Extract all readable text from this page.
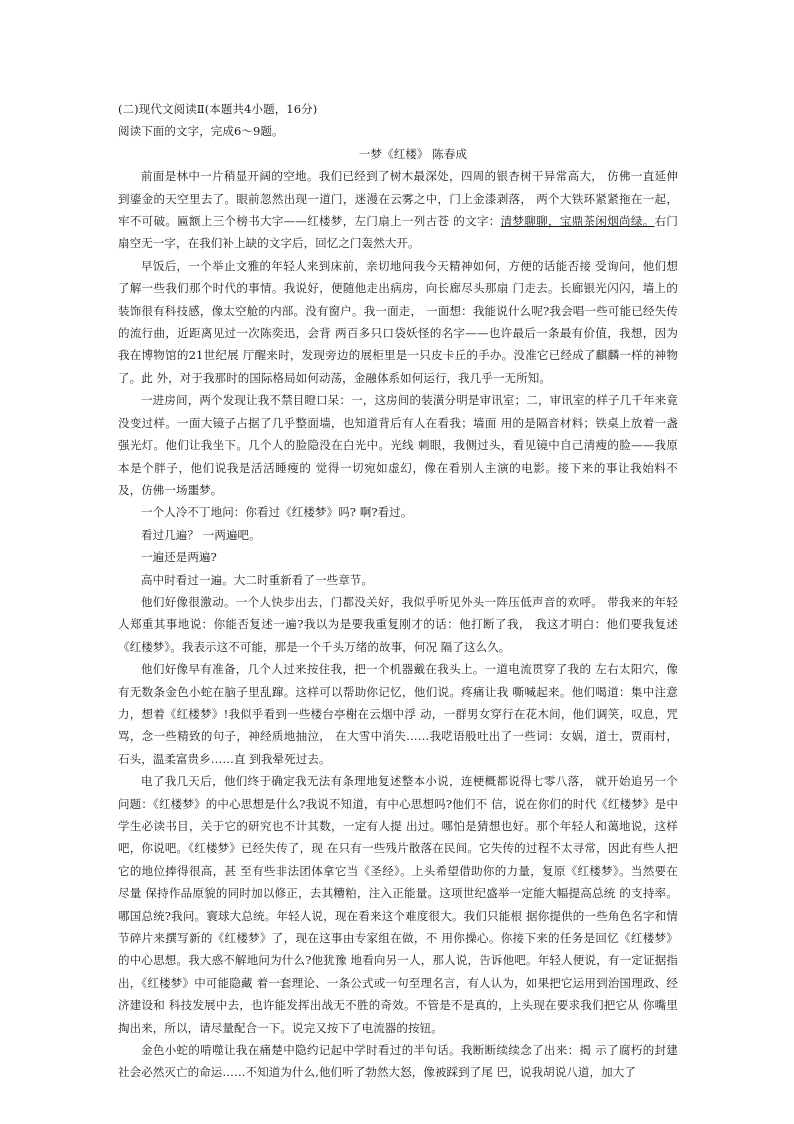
(二)现代文阅读Ⅱ(本题共4小题，16分)

阅读下面的文字，完成6～9题。

一梦《红楼》 陈春成

前面是林中一片稍显开阔的空地。我们已经到了树木最深处，四周的银杏树干异常高大， 仿佛一直延伸到鎏金的天空里去了。眼前忽然出现一道门，迷漫在云雾之中，门上金漆剥落， 两个大铁环紧紧拖在一起，牢不可破。匾额上三个榜书大字——红楼梦，左门扇上一列古苍 的文字：清梦聊聊，宝鼎茶闲烟尚绿。右门扇空无一字，在我们补上缺的文字后，回忆之门轰然大开。

早饭后，一个举止文雅的年轻人来到床前，亲切地问我今天精神如何，方便的话能否接 受询问，他们想了解一些我们那个时代的事情。我说好，便随他走出病房，向长廊尽头那扇 门走去。长廊银光闪闪，墙上的装饰很有科技感，像太空舱的内部。没有窗户。我一面走， 一面想：我能说什么呢?我会唱一些可能已经失传的流行曲，近距离见过一次陈奕迅，会背 两百多只口袋妖怪的名字——也许最后一条最有价值，我想，因为我在博物馆的21世纪展 厅醒来时，发现旁边的展柜里是一只皮卡丘的手办。没准它已经成了麒麟一样的神物了。此 外，对于我那时的国际格局如何动荡，金融体系如何运行，我几乎一无所知。

一进房间，两个发现让我不禁目瞪口呆：一，这房间的装潢分明是审讯室；二，审讯室的样子几千年来竟没变过样。一面大镜子占据了几乎整面墙，也知道背后有人在看我；墙面 用的是隔音材料；铁桌上放着一盏强光灯。他们让我坐下。几个人的脸隐没在白光中。光线 刺眼，我侧过头，看见镜中自己清瘦的脸——我原本是个胖子，他们说我是活活睡瘦的 觉得一切宛如虚幻，像在看别人主演的电影。接下来的事让我始料不及，仿佛一场噩梦。

一个人冷不丁地问：你看过《红楼梦》吗? 啊?看过。

看过几遍？ 一两遍吧。

一遍还是两遍?

高中时看过一遍。大二时重新看了一些章节。

他们好像很激动。一个人快步出去，门都没关好，我似乎听见外头一阵压低声音的欢呼。 带我来的年轻人郑重其事地说：你能否复述一遍?我以为是要我重复刚才的话：他打断了我， 我这才明白：他们要我复述《红楼梦》。我表示这不可能，那是一个千头万绪的故事，何况 隔了这么久。

他们好像早有准备，几个人过来按住我，把一个机器戴在我头上。一道电流贯穿了我的 左右太阳穴，像有无数条金色小蛇在脑子里乱蹿。这样可以帮助你记忆，他们说。疼痛让我 嘶喊起来。他们喝道：集中注意力，想着《红楼梦》!我似乎看到一些楼台亭榭在云烟中浮 动，一群男女穿行在花木间，他们调笑，叹息，咒骂，念一些精致的句子，神经质地抽泣， 在大雪中消失……我呓语般吐出了一些词：女娲，道士，贾雨村，石头，温柔富贵乡……直 到我晕死过去。

电了我几天后，他们终于确定我无法有条理地复述整本小说，连梗概都说得七零八落， 就开始追另一个问题：《红楼梦》的中心思想是什么?我说不知道，有中心思想吗?他们不 信，说在你们的时代《红楼梦》是中学生必读书目，关于它的研究也不计其数，一定有人提 出过。哪怕是猜想也好。那个年轻人和蔼地说，这样吧，你说吧。《红楼梦》已经失传了，现 在只有一些残片散落在民间。它失传的过程不太寻常，因此有些人把它的地位捧得很高，甚 至有些非法团体拿它当《圣经》。上头希望借助你的力量，复原《红楼梦》。当然要在尽量 保持作品原貌的同时加以修正，去其糟粕，注入正能量。这项世纪盛举一定能大幅提高总统 的支持率。哪国总统?我问。寰球大总统。年轻人说，现在看来这个难度很大。我们只能根 据你提供的一些角色名字和情节碎片来撰写新的《红楼梦》了，现在这事由专家组在做，不 用你操心。你接下来的任务是回忆《红楼梦》的中心思想。我大惑不解地问为什么?他犹豫 地看向另一人，那人说，告诉他吧。年轻人便说，有一定证据指出，《红楼梦》中可能隐藏 着一套理论、一条公式或一句至理名言，有人认为，如果把它运用到治国理政、经济建设和 科技发展中去，也许能发挥出战无不胜的奇效。不管是不是真的，上头现在要求我们把它从 你嘴里掏出来，所以，请尽量配合一下。说完又按下了电流器的按钮。

金色小蛇的啃噬让我在痛楚中隐约记起中学时看过的半句话。我断断续续念了出来：揭 示了腐朽的封建社会必然灭亡的命运……不知道为什么,他们听了勃然大怒，像被踩到了尾 巴，说我胡说八道，加大了
